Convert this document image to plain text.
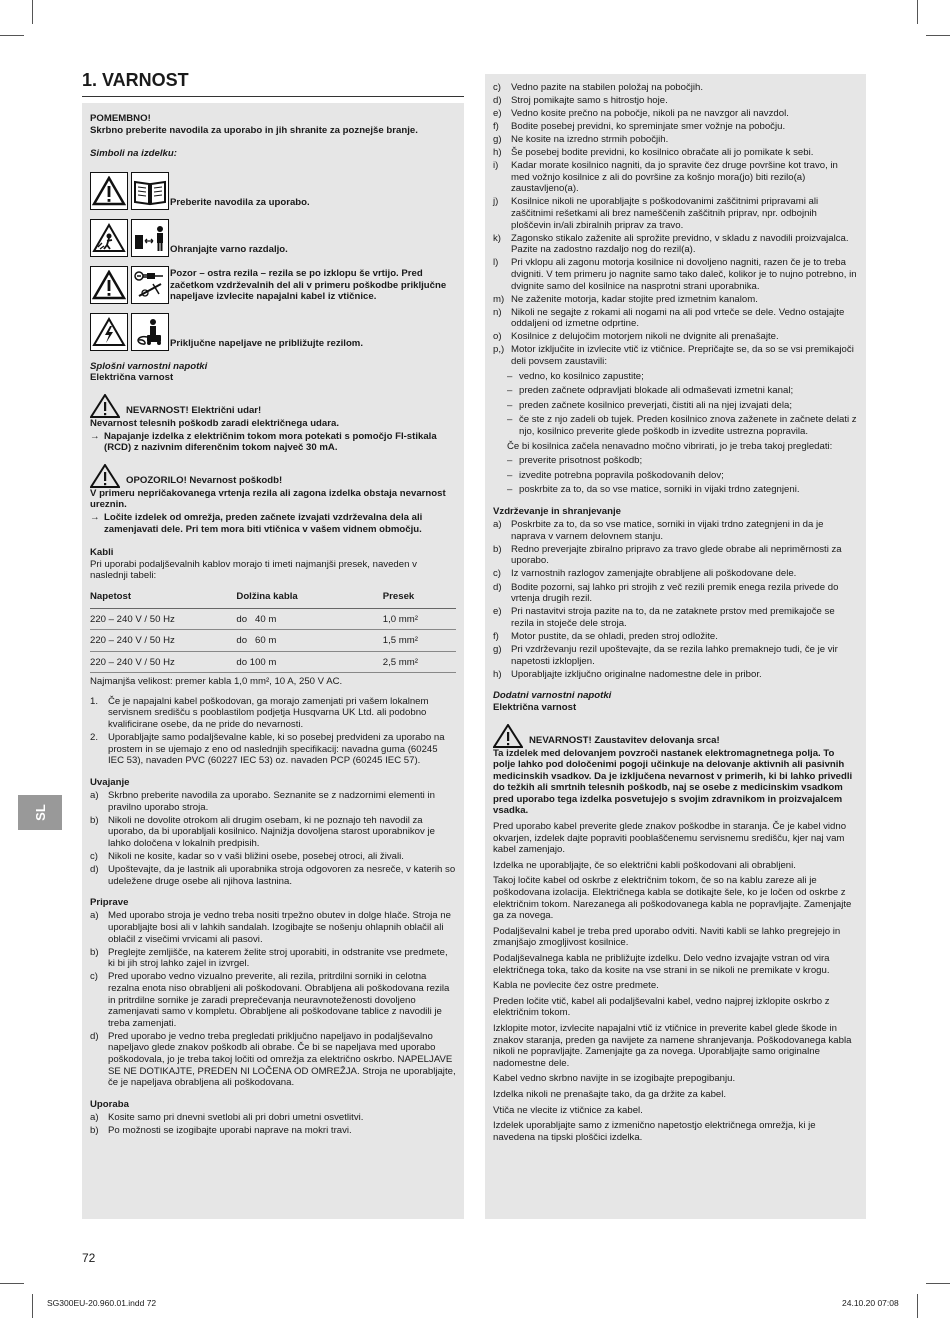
1. VARNOST

POMEMBNO!

Skrbno preberite navodila za uporabo in jih shranite za poznejše branje.

Simboli na izdelku:

Preberite navodila za uporabo.
Ohranjajte varno razdaljo.
Pozor – ostra rezila – rezila se po izklopu še vrtijo. Pred začetkom vzdrževalnih del ali v primeru poškodbe priključne napeljave izvlecite napajalni kabel iz vtičnice.
Priključne napeljave ne približujte rezilom.

Splošni varnostni napotki

Električna varnost

NEVARNOST! Električni udar!

Nevarnost telesnih poškodb zaradi električnega udara.

→ Napajanje izdelka z električnim tokom mora potekati s pomočjo FI-stikala (RCD) z nazivnim diferenčnim tokom največ 30 mA.
OPOZORILO! Nevarnost poškodb!

V primeru nepričakovanega vrtenja rezila ali zagona izdelka obstaja nevarnost ureznin.

→ Ločite izdelek od omrežja, preden začnete izvajati vzdrževalna dela ali zamenjavati dele. Pri tem mora biti vtičnica v vašem vidnem območju.

Kabli

Pri uporabi podaljševalnih kablov morajo ti imeti najmanjši presek, naveden v naslednji tabeli:

Napetost	Dolžina kabla	Presek
220 – 240 V / 50 Hz	do   40 m	1,0 mm²
220 – 240 V / 50 Hz	do   60 m	1,5 mm²
220 – 240 V / 50 Hz	do 100 m	2,5 mm²

Najmanjša velikost: premer kabla 1,0 mm², 10 A, 250 V AC.

1.	Če je napajalni kabel poškodovan, ga morajo zamenjati pri vašem lokalnem servisnem središču s pooblastilom podjetja Husqvarna UK Ltd. ali podobno kvalificirane osebe, da ne pride do nevarnosti.
2.	Uporabljajte samo podaljševalne kable, ki so posebej predvideni za uporabo na prostem in se ujemajo z eno od naslednjih specifikacij: navadna guma (60245 IEC 53), navaden PVC (60227 IEC 53) oz. navaden PCP (60245 IEC 57).

Uvajanje

a) Skrbno preberite navodila za uporabo. Seznanite se z nadzornimi elementi in pravilno uporabo stroja.
b) Nikoli ne dovolite otrokom ali drugim osebam, ki ne poznajo teh navodil za uporabo, da bi uporabljali kosilnico. Najnižja dovoljena starost uporabnikov je lahko določena v lokalnih predpisih.
c)	Nikoli ne kosite, kadar so v vaši bližini osebe, posebej otroci, ali živali.
d) Upoštevajte, da je lastnik ali uporabnika stroja odgovoren za nesreče, v katerih so udeležene druge osebe ali njihova lastnina.

Priprave

a) Med uporabo stroja je vedno treba nositi trpežno obutev in dolge hlače. Stroja ne uporabljajte bosi ali v lahkih sandalah. Izogibajte se nošenju ohlapnih oblačil ali oblačil z visečimi vrvicami ali pasovi.
b) Preglejte zemljišče, na katerem želite stroj uporabiti, in odstranite vse predmete, ki bi jih stroj lahko zajel in izvrgel.
c)	Pred uporabo vedno vizualno preverite, ali rezila, pritrdilni sorniki in celotna rezalna enota niso obrabljeni ali poškodovani. Obrabljena ali poškodovana rezila in pritrdilne sornike je zaradi preprečevanja neuravnoteženosti dovoljeno zamenjavati samo v kompletu. Obrabljene ali poškodovane tablice z navodili je treba zamenjati.
d) Pred uporabo je vedno treba pregledati priključno napeljavo in podaljševalno napeljavo glede znakov poškodb ali obrabe. Če bi se napeljava med uporabo poškodovala, jo je treba takoj ločiti od omrežja za električno oskrbo. NAPELJAVE SE NE DOTIKAJTE, PREDEN NI LOČENA OD OMREŽJA. Stroja ne uporabljajte, če je napeljava obrabljena ali poškodovana.

Uporaba

a) Kosite samo pri dnevni svetlobi ali pri dobri umetni osvetlitvi.
b) Po možnosti se izogibajte uporabi naprave na mokri travi.
c)	Vedno pazite na stabilen položaj na pobočjih.
d) Stroj pomikajte samo s hitrostjo hoje.
e) Vedno kosite prečno na pobočje, nikoli pa ne navzgor ali navzdol.
f)	Bodite posebej previdni, ko spreminjate smer vožnje na pobočju.
g) Ne kosite na izredno strmih pobočjih.
h) Še posebej bodite previdni, ko kosilnico obračate ali jo pomikate k sebi.
i)	Kadar morate kosilnico nagniti, da jo spravite čez druge površine kot travo, in med vožnjo kosilnice z ali do površine za košnjo mora(jo) biti rezilo(a) zaustavljeno(a).
j)	Kosilnice nikoli ne uporabljajte s poškodovanimi zaščitnimi pripravami ali zaščitnimi rešetkami ali brez nameščenih zaščitnih priprav, npr. odbojnih ploščevin in/ali zbiralnih priprav za travo.
k)	Zagonsko stikalo zaženite ali sprožite previdno, v skladu z navodili proizvajalca. Pazite na zadostno razdaljo nog do rezil(a).
l)	Pri vklopu ali zagonu motorja kosilnice ni dovoljeno nagniti, razen če je to treba dvigniti. V tem primeru jo nagnite samo tako daleč, kolikor je to nujno potrebno, in dvignite samo del kosilnice na nasprotni strani uporabnika.
m) Ne zaženite motorja, kadar stojite pred izmetnim kanalom.
n) Nikoli ne segajte z rokami ali nogami na ali pod vrteče se dele. Vedno ostajajte oddaljeni od izmetne odprtine.
o) Kosilnice z delujočim motorjem nikoli ne dvignite ali prenašajte.
p,) Motor izključite in izvlecite vtič iz vtičnice. Prepričajte se, da so se vsi premikajoči deli povsem zaustavili:
– vedno, ko kosilnico zapustite;
– preden začnete odpravljati blokade ali odmaševati izmetni kanal;
– preden začnete kosilnico preverjati, čistiti ali na njej izvajati dela;
– če ste z njo zadeli ob tujek. Preden kosilnico znova zaženete in začnete delati z njo, kosilnico preverite glede poškodb in izvedite ustrezna popravila.

Če bi kosilnica začela nenavadno močno vibrirati, jo je treba takoj pregledati:

– preverite prisotnost poškodb;
– izvedite potrebna popravila poškodovanih delov;
– poskrbite za to, da so vse matice, sorniki in vijaki trdno zategnjeni.

Vzdrževanje in shranjevanje

a) Poskrbite za to, da so vse matice, sorniki in vijaki trdno zategnjeni in da je naprava v varnem delovnem stanju.
b) Redno preverjajte zbiralno pripravo za travo glede obrabe ali nepriměrnosti za uporabo.
c)	Iz varnostnih razlogov zamenjajte obrabljene ali poškodovane dele.
d) Bodite pozorni, saj lahko pri strojih z več rezili premik enega rezila privede do vrtenja drugih rezil.
e) Pri nastavitvi stroja pazite na to, da ne zataknete prstov med premikajoče se rezila in stoječe dele stroja.
f)	Motor pustite, da se ohladi, preden stroj odložite.
g) Pri vzdrževanju rezil upoštevajte, da se rezila lahko premaknejo tudi, če je vir napetosti izklopljen.
h) Uporabljajte izključno originalne nadomestne dele in pribor.

Dodatni varnostni napotki

Električna varnost

NEVARNOST! Zaustavitev delovanja srca!

Ta izdelek med delovanjem povzroči nastanek elektromagnetnega polja. To polje lahko pod določenimi pogoji učinkuje na delovanje aktivnih ali pasivnih medicinskih vsadkov. Da je izključena nevarnost v primerih, ki bi lahko privedli do težkih ali smrtnih telesnih poškodb, naj se osebe z medicinskim vsadkom pred uporabo tega izdelka posvetujejo s svojim zdravnikom in proizvajalcem vsadka.

Pred uporabo kabel preverite glede znakov poškodbe in staranja. Če je kabel vidno okvarjen, izdelek dajte popraviti pooblaščenemu servisnemu središču, kjer naj vam kabel zamenjajo.

Izdelka ne uporabljajte, če so električni kabli poškodovani ali obrabljeni.

Takoj ločite kabel od oskrbe z električnim tokom, če so na kablu zareze ali je poškodovana izolacija. Električnega kabla se dotikajte šele, ko je ločen od oskrbe z električnim tokom. Narezanega ali poškodovanega kabla ne popravljajte. Zamenjajte ga za novega.

Podaljševalni kabel je treba pred uporabo odviti. Naviti kabli se lahko pregrejejo in zmanjšajo zmogljivost kosilnice.

Podaljševalnega kabla ne približujte izdelku. Delo vedno izvajajte vstran od vira električnega toka, tako da kosite na vse strani in se nikoli ne premikate v krogu.

Kabla ne povlecite čez ostre predmete.

Preden ločite vtič, kabel ali podaljševalni kabel, vedno najprej izklopite oskrbo z električnim tokom.

Izklopite motor, izvlecite napajalni vtič iz vtičnice in preverite kabel glede škode in znakov staranja, preden ga navijete za namene shranjevanja. Poškodovanega kabla nikoli ne popravljajte. Zamenjajte ga za novega. Uporabljajte samo originalne nadomestne dele.

Kabel vedno skrbno navijte in se izogibajte prepogibanju.

Izdelka nikoli ne prenašajte tako, da ga držite za kabel.

Vtiča ne vlecite iz vtičnice za kabel.

Izdelek uporabljajte samo z izmenično napetostjo električnega omrežja, ki je navedena na tipski ploščici izdelka.

SL
72
SG300EU-20.960.01.indd 72	24.10.20 07:08
